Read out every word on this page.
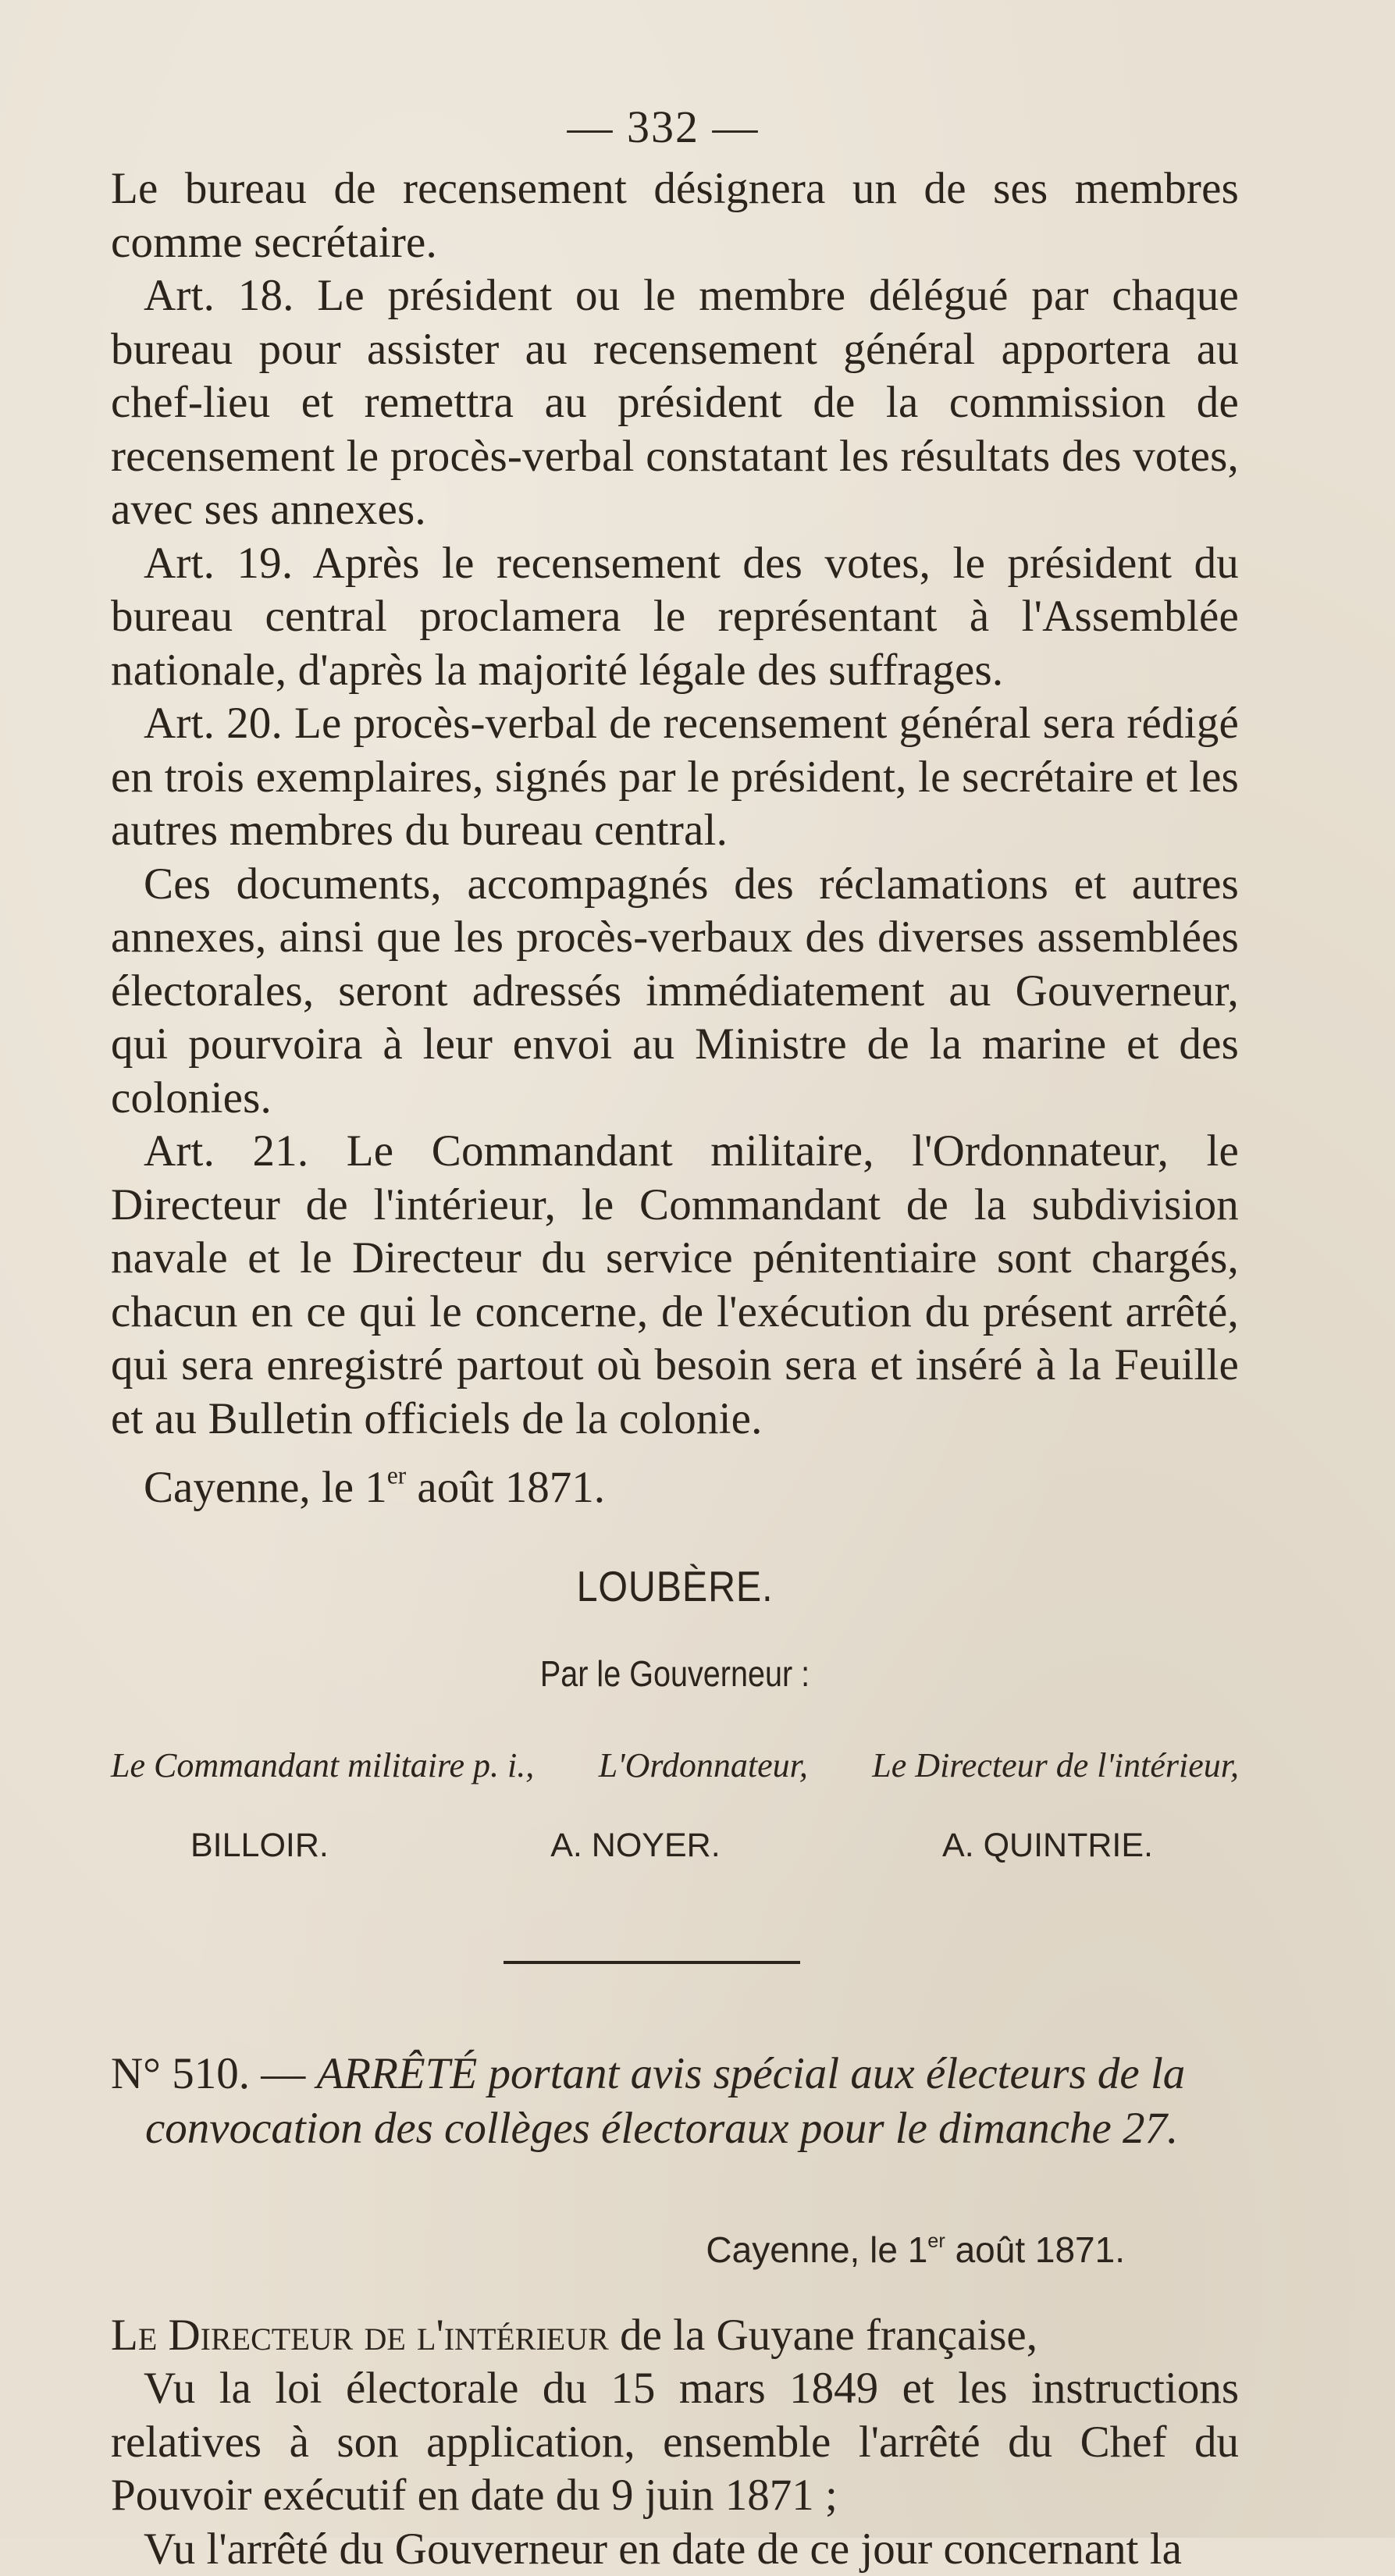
— 332 —

Le bureau de recensement désignera un de ses membres comme secrétaire.

Art. 18. Le président ou le membre délégué par chaque bureau pour assister au recensement général apportera au chef-lieu et remettra au président de la commission de recensement le procès-verbal constatant les résultats des votes, avec ses annexes.

Art. 19. Après le recensement des votes, le président du bureau central proclamera le représentant à l'Assemblée nationale, d'après la majorité légale des suffrages.

Art. 20. Le procès-verbal de recensement général sera rédigé en trois exemplaires, signés par le président, le secrétaire et les autres membres du bureau central.

Ces documents, accompagnés des réclamations et autres annexes, ainsi que les procès-verbaux des diverses assemblées électorales, seront adressés immédiatement au Gouverneur, qui pourvoira à leur envoi au Ministre de la marine et des colonies.

Art. 21. Le Commandant militaire, l'Ordonnateur, le Directeur de l'intérieur, le Commandant de la subdivision navale et le Directeur du service pénitentiaire sont chargés, chacun en ce qui le concerne, de l'exécution du présent arrêté, qui sera enregistré partout où besoin sera et inséré à la Feuille et au Bulletin officiels de la colonie.

Cayenne, le 1er août 1871.
LOUBÈRE.
Par le Gouverneur :
Le Commandant militaire p. i., L'Ordonnateur, Le Directeur de l'intérieur,
BILLOIR.	A. NOYER.	A. QUINTRIE.
N° 510. — ARRÊTÉ portant avis spécial aux électeurs de la
convocation des collèges électoraux pour le dimanche 27.
Cayenne, le 1er août 1871.
Le Directeur de l'intérieur de la Guyane française,

Vu la loi électorale du 15 mars 1849 et les instructions relatives à son application, ensemble l'arrêté du Chef du Pouvoir exécutif en date du 9 juin 1871 ;

Vu l'arrêté du Gouverneur en date de ce jour concernant la
